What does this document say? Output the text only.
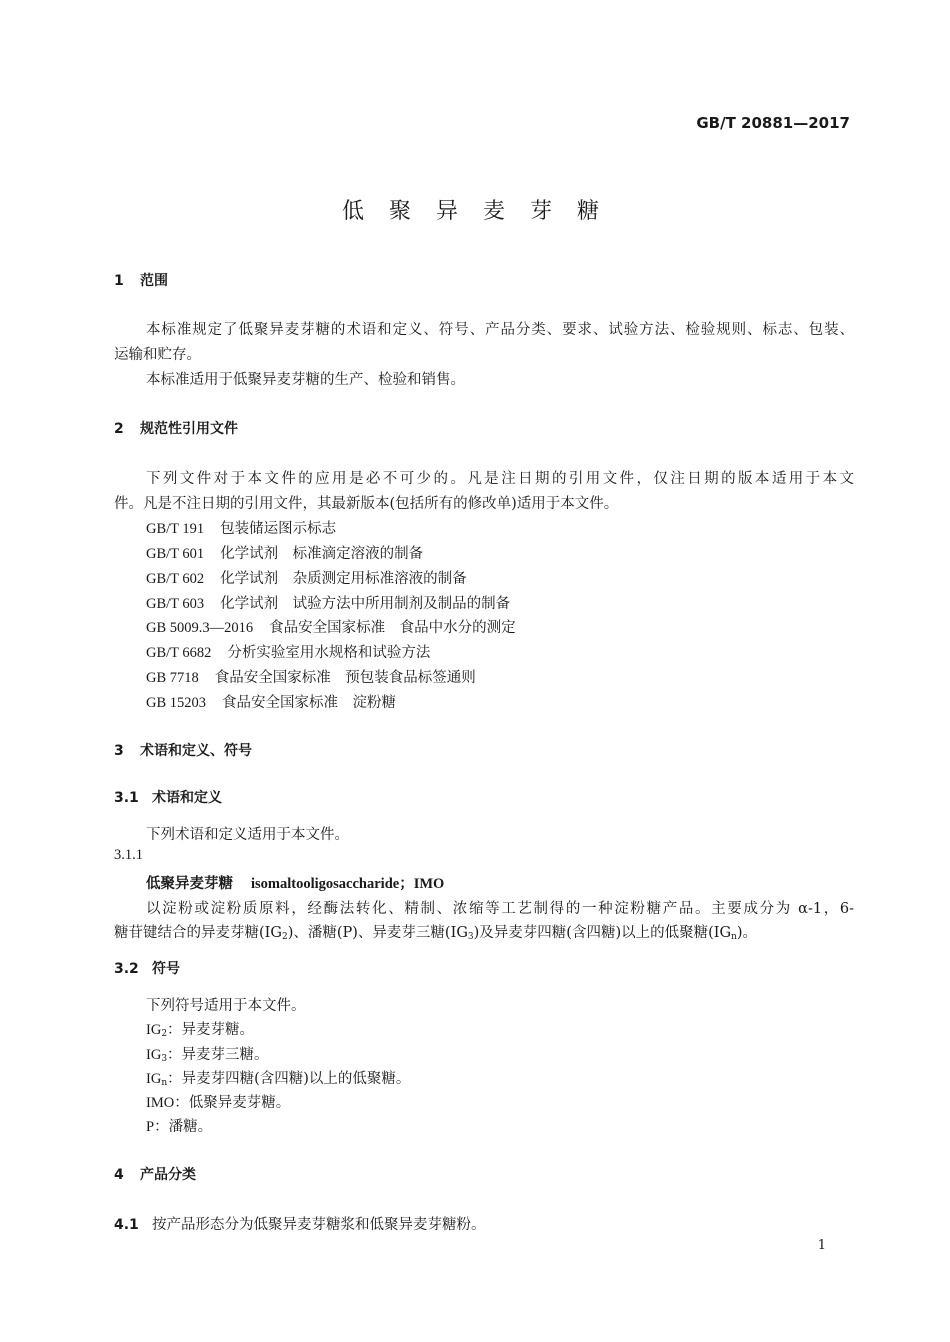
GB/T 20881—2017
低 聚 异 麦 芽 糖
1 范围
本标准规定了低聚异麦芽糖的术语和定义、符号、产品分类、要求、试验方法、检验规则、标志、包装、
运输和贮存。
本标准适用于低聚异麦芽糖的生产、检验和销售。
2 规范性引用文件
下列文件对于本文件的应用是必不可少的。凡是注日期的引用文件，仅注日期的版本适用于本文
件。凡是不注日期的引用文件，其最新版本(包括所有的修改单)适用于本文件。
GB/T 191 包装储运图示标志
GB/T 601 化学试剂　标准滴定溶液的制备
GB/T 602 化学试剂　杂质测定用标准溶液的制备
GB/T 603 化学试剂　试验方法中所用制剂及制品的制备
GB 5009.3—2016 食品安全国家标准　食品中水分的测定
GB/T 6682 分析实验室用水规格和试验方法
GB 7718 食品安全国家标准　预包装食品标签通则
GB 15203 食品安全国家标准　淀粉糖
3 术语和定义、符号
3.1 术语和定义
下列术语和定义适用于本文件。
3.1.1
低聚异麦芽糖 isomaltooligosaccharide；IMO
以淀粉或淀粉质原料，经酶法转化、精制、浓缩等工艺制得的一种淀粉糖产品。主要成分为 α-1，6-
糖苷键结合的异麦芽糖$(IG_2)$、潘糖(P)、异麦芽三糖$(IG_3)$及异麦芽四糖(含四糖)以上的低聚糖$(IG_n)$。
3.2 符号
下列符号适用于本文件。
$IG_2$：异麦芽糖。
$IG_3$：异麦芽三糖。
$IG_n$：异麦芽四糖(含四糖)以上的低聚糖。
IMO：低聚异麦芽糖。
P：潘糖。
4 产品分类
4.1 按产品形态分为低聚异麦芽糖浆和低聚异麦芽糖粉。
1
